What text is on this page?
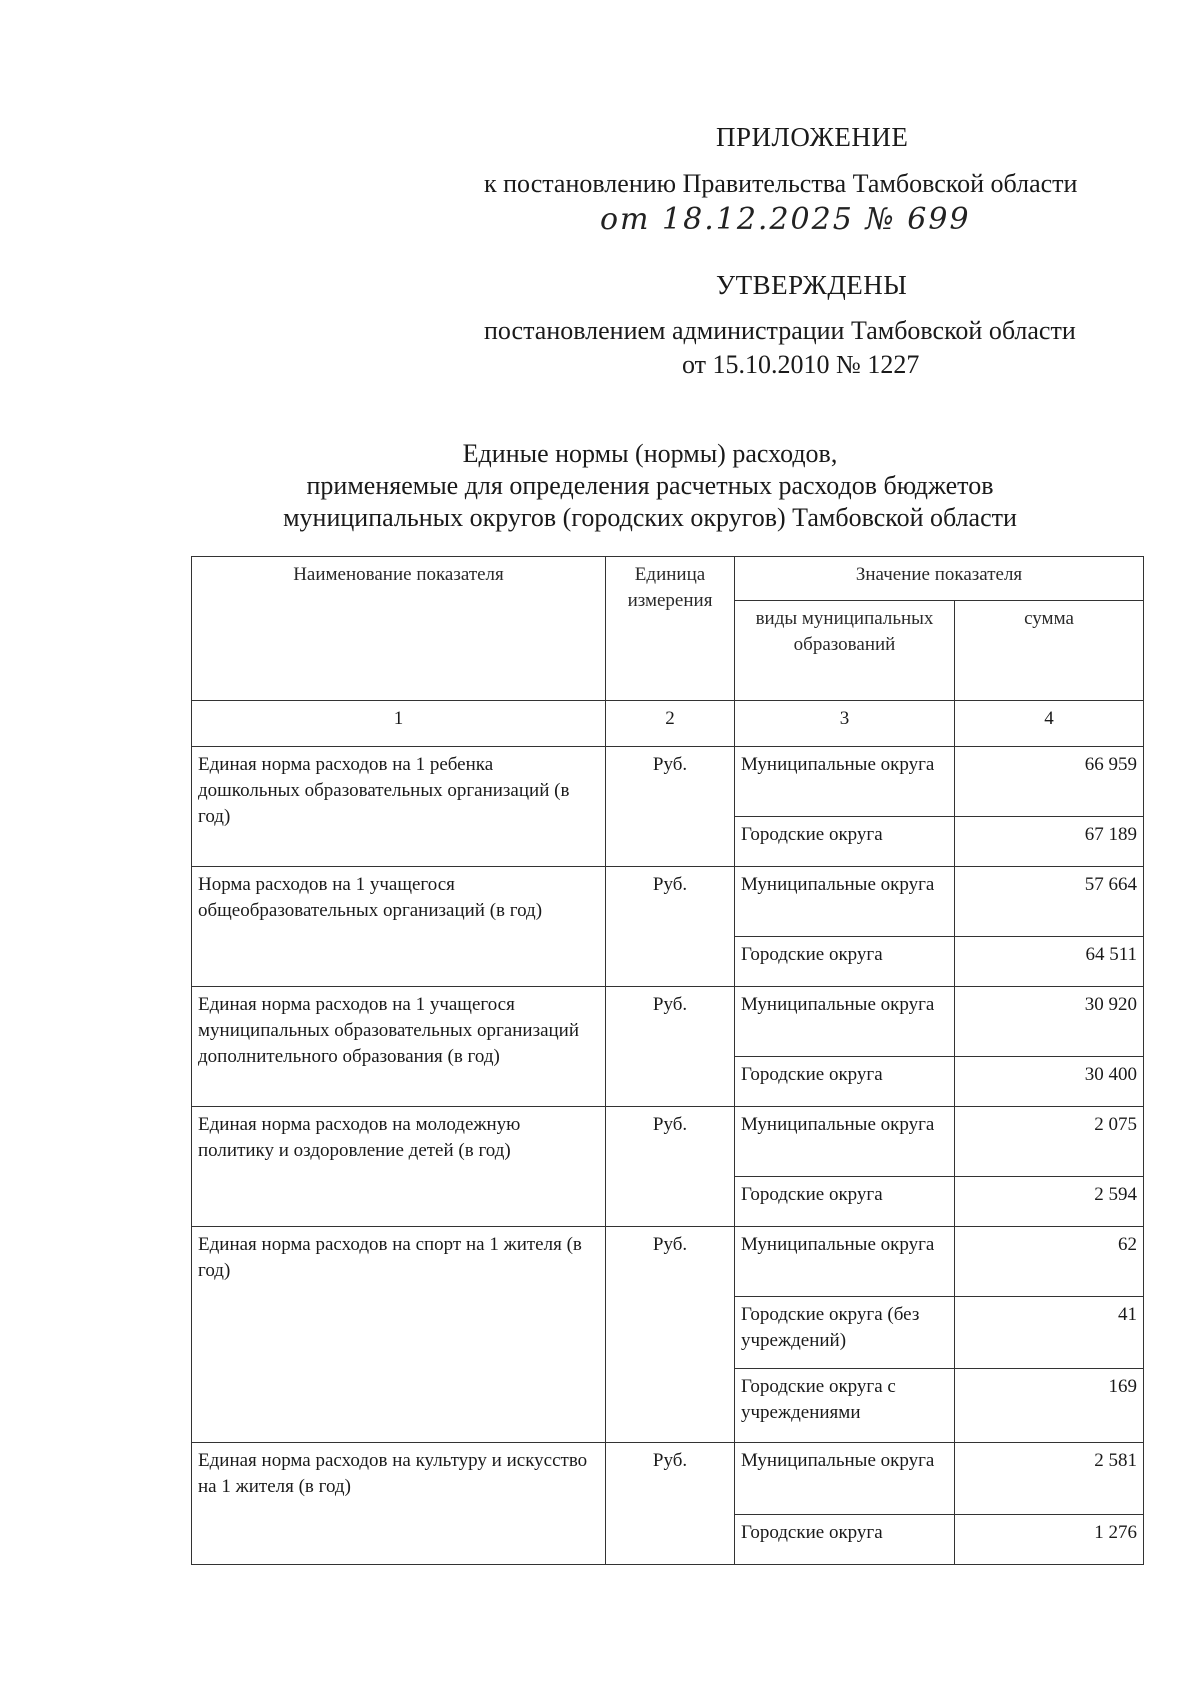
ПРИЛОЖЕНИЕ
к постановлению Правительства Тамбовской области
от 18.12.2025 № 699
УТВЕРЖДЕНЫ
постановлением администрации Тамбовской области
от 15.10.2010 № 1227
Единые нормы (нормы) расходов,
применяемые для определения расчетных расходов бюджетов
муниципальных округов (городских округов) Тамбовской области
Наименование показателя	Единица измерения	Значение показателя	
		виды муниципальных образований	сумма
1	2	3	4
Единая норма расходов на 1 ребенка дошкольных образовательных организаций (в год)	Руб.	Муниципальные округа	66 959
		Городские округа	67 189
Норма расходов на 1 учащегося общеобразовательных организаций (в год)	Руб.	Муниципальные округа	57 664
		Городские округа	64 511
Единая норма расходов на 1 учащегося муниципальных образовательных организаций дополнительного образования (в год)	Руб.	Муниципальные округа	30 920
		Городские округа	30 400
Единая норма расходов на молодежную политику и оздоровление детей (в год)	Руб.	Муниципальные округа	2 075
		Городские округа	2 594
Единая норма расходов на спорт на 1 жителя (в год)	Руб.	Муниципальные округа	62
		Городские округа (без учреждений)	41
		Городские округа с учреждениями	169
Единая норма расходов на культуру и искусство на 1 жителя (в год)	Руб.	Муниципальные округа	2 581
		Городские округа	1 276
